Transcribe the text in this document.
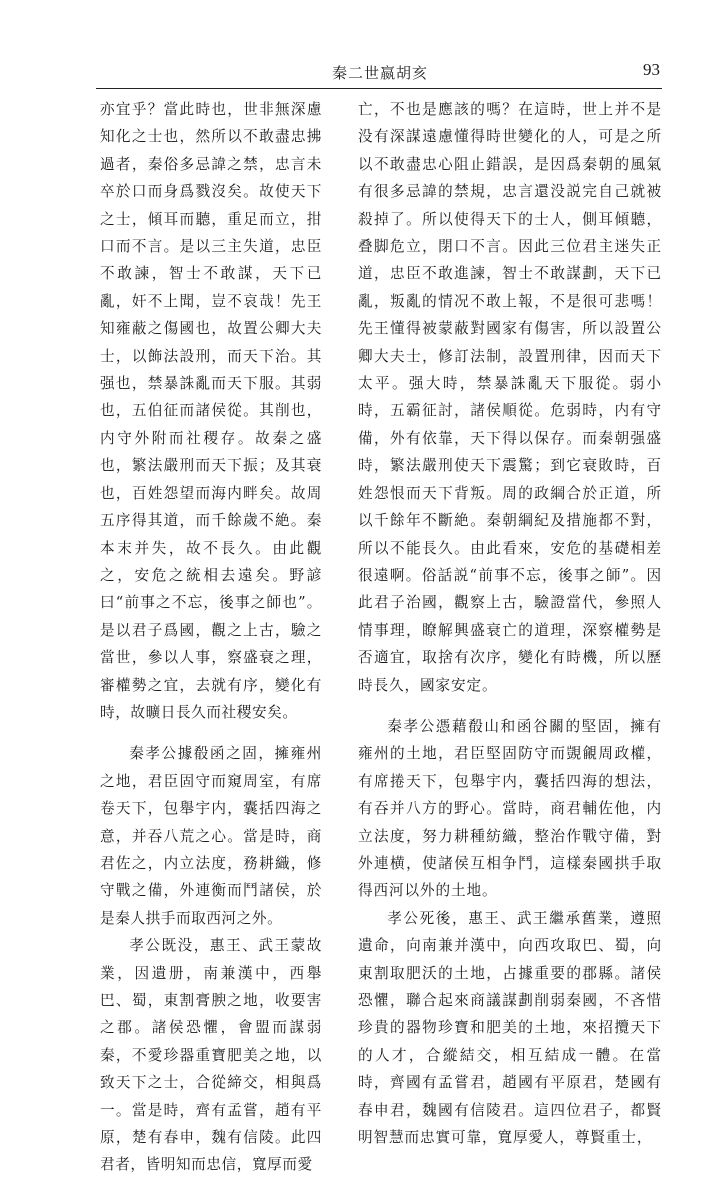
秦二世嬴胡亥	93

亦宜乎？當此時也，世非無深慮知化之士也，然所以不敢盡忠拂過者，秦俗多忌諱之禁，忠言未卒於口而身爲戮沒矣。故使天下之士，傾耳而聽，重足而立，拑口而不言。是以三主失道，忠臣不敢諫，智士不敢謀，天下已亂，奸不上聞，豈不哀哉！先王知雍蔽之傷國也，故置公卿大夫士，以飾法設刑，而天下治。其强也，禁暴誅亂而天下服。其弱也，五伯征而諸侯從。其削也，内守外附而社稷存。故秦之盛也，繁法嚴刑而天下振；及其衰也，百姓怨望而海内畔矣。故周五序得其道，而千餘歲不絶。秦本末并失，故不長久。由此觀之，安危之統相去遠矣。野諺曰“前事之不忘，後事之師也”。是以君子爲國，觀之上古，驗之當世，參以人事，察盛衰之理，審權勢之宜，去就有序，變化有時，故曠日長久而社稷安矣。

秦孝公據殽函之固，擁雍州之地，君臣固守而窺周室，有席卷天下，包舉宇内，囊括四海之意，并吞八荒之心。當是時，商君佐之，内立法度，務耕織，修守戰之備，外連衡而鬥諸侯，於是秦人拱手而取西河之外。

孝公既没，惠王、武王蒙故業，因遺册，南兼漢中，西舉巴、蜀，東割膏腴之地，收要害之郡。諸侯恐懼，會盟而謀弱秦，不愛珍器重寶肥美之地，以致天下之士，合從締交，相與爲一。當是時，齊有孟嘗，趙有平原，楚有春申，魏有信陵。此四君者，皆明知而忠信，寬厚而愛

亡，不也是應該的嗎？在這時，世上并不是没有深謀遠慮懂得時世變化的人，可是之所以不敢盡忠心阻止錯誤，是因爲秦朝的風氣有很多忌諱的禁規，忠言還没説完自己就被殺掉了。所以使得天下的士人，側耳傾聽，叠脚危立，閉口不言。因此三位君主迷失正道，忠臣不敢進諫，智士不敢謀劃，天下已亂，叛亂的情况不敢上報，不是很可悲嗎！先王懂得被蒙蔽對國家有傷害，所以設置公卿大夫士，修訂法制，設置刑律，因而天下太平。强大時，禁暴誅亂天下服從。弱小時，五霸征討，諸侯順從。危弱時，内有守備，外有依靠，天下得以保存。而秦朝强盛時，繁法嚴刑使天下震驚；到它衰敗時，百姓怨恨而天下背叛。周的政綱合於正道，所以千餘年不斷絶。秦朝綱紀及措施都不對，所以不能長久。由此看來，安危的基礎相差很遠啊。俗話説“前事不忘，後事之師”。因此君子治國，觀察上古，驗證當代，參照人情事理，瞭解興盛衰亡的道理，深察權勢是否適宜，取捨有次序，變化有時機，所以歷時長久，國家安定。

秦孝公憑藉殽山和函谷關的堅固，擁有雍州的土地，君臣堅固防守而覬覦周政權，有席捲天下，包舉宇内，囊括四海的想法，有吞并八方的野心。當時，商君輔佐他，内立法度，努力耕種紡織，整治作戰守備，對外連横，使諸侯互相争鬥，這樣秦國拱手取得西河以外的土地。

孝公死後，惠王、武王繼承舊業，遵照遺命，向南兼并漢中，向西攻取巴、蜀，向東割取肥沃的土地，占據重要的郡縣。諸侯恐懼，聯合起來商議謀劃削弱秦國，不吝惜珍貴的器物珍寶和肥美的土地，來招攬天下的人才，合縱結交，相互結成一體。在當時，齊國有孟嘗君，趙國有平原君，楚國有春申君，魏國有信陵君。這四位君子，都賢明智慧而忠實可靠，寬厚愛人，尊賢重士，
